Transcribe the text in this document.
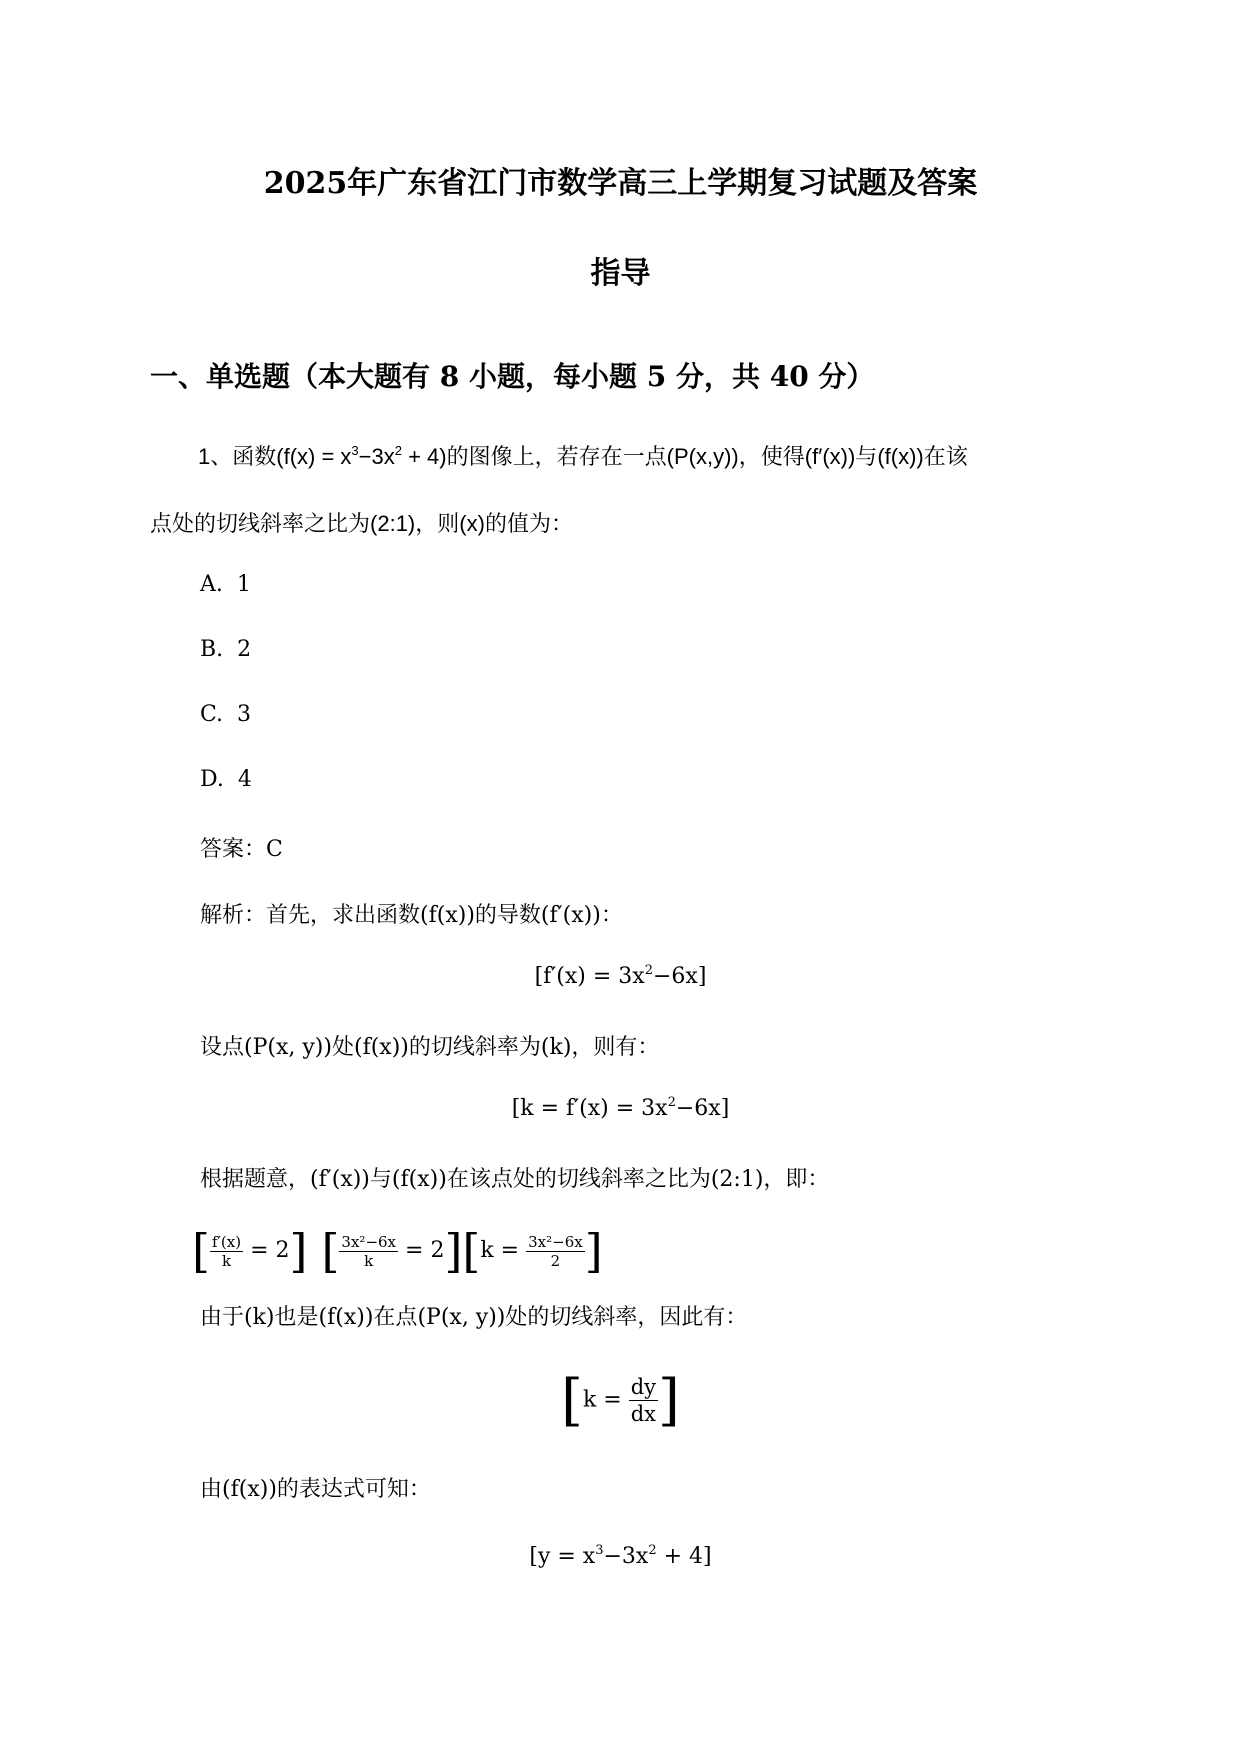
2025年广东省江门市数学高三上学期复习试题及答案
指导
一、单选题（本大题有 8 小题，每小题 5 分，共 40 分）
1、函数$(f(x) = x^3-3x^2 + 4)$的图像上，若存在一点(P(x,y))，使得(f′(x))与(f(x))在该
点处的切线斜率之比为(2:1)，则(x)的值为：
A. 1
B. 2
C. 3
D. 4
答案：C
解析：首先，求出函数(f(x))的导数(f′(x))：
$[f'(x) = 3x^2-6x]$
设点(P(x, y))处(f(x))的切线斜率为(k)，则有：
$[k = f'(x) = 3x^2-6x]$
根据题意，(f′(x))与(f(x))在该点处的切线斜率之比为(2:1)，即：
[ $\frac{f'(x)}{k} = 2$] [ $\frac{\text{3x²−6x}}{k} = 2][k = \frac{\text{3x²−6x}}{2}$ ]
由于(k)也是(f(x))在点(P(x, y))处的切线斜率，因此有：
[$k = \frac{dy}{dx}$ ]
由(f(x))的表达式可知：
$[y = x^3-3x^2 + 4]$
